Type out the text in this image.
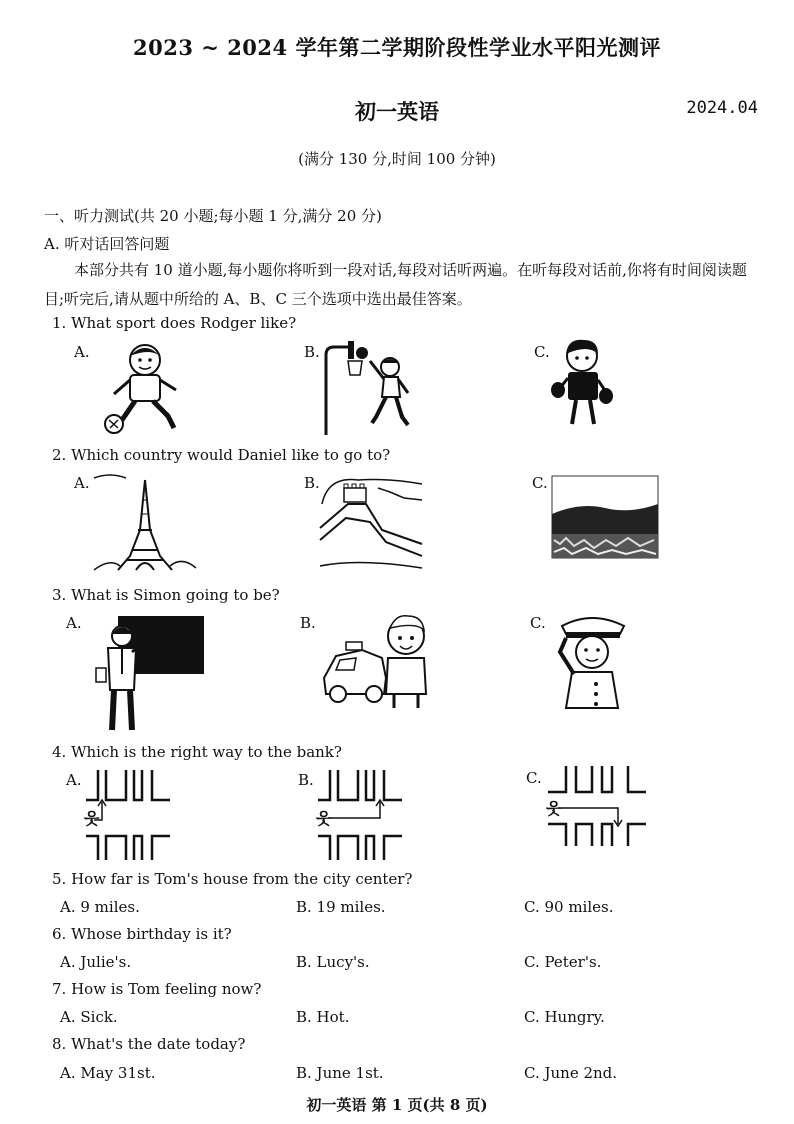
2023 ~ 2024 学年第二学期阶段性学业水平阳光测评
初一英语	2024.04
(满分 130 分,时间 100 分钟)
一、听力测试(共 20 小题;每小题 1 分,满分 20 分)
A. 听对话回答问题
本部分共有 10 道小题,每小题你将听到一段对话,每段对话听两遍。在听每段对话前,你将有时间阅读题目;听完后,请从题中所给的 A、B、C 三个选项中选出最佳答案。
1. What sport does Rodger like?
A.	B.	C.
2. Which country would Daniel like to go to?
A.	B.	C.
3. What is Simon going to be?
A.	B.	C.
4. Which is the right way to the bank?
A.	B.	C.
웃	웃
웃
5. How far is Tom's house from the city center?
A. 9 miles.	B. 19 miles.	C. 90 miles.
6. Whose birthday is it?
A. Julie's.	B. Lucy's.	C. Peter's.
7. How is Tom feeling now?
A. Sick.	B. Hot.	C. Hungry.
8. What's the date today?
A. May 31st.	B. June 1st.	C. June 2nd.
初一英语 第 1 页(共 8 页)
